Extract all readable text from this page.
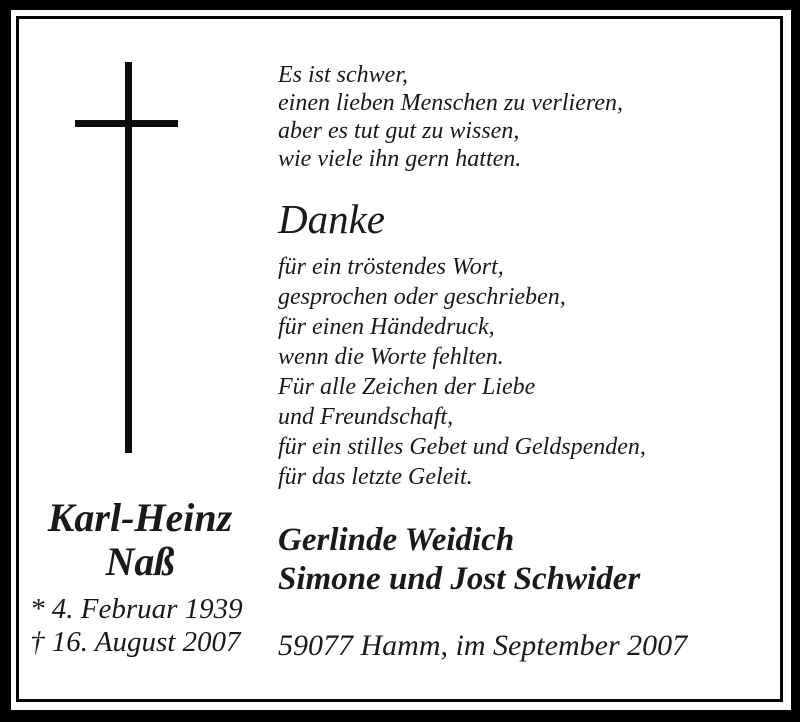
Es ist schwer,
einen lieben Menschen zu verlieren,
aber es tut gut zu wissen,
wie viele ihn gern hatten.
Danke
für ein tröstendes Wort,
gesprochen oder geschrieben,
für einen Händedruck,
wenn die Worte fehlten.
Für alle Zeichen der Liebe
und Freundschaft,
für ein stilles Gebet und Geldspenden,
für das letzte Geleit.
Karl-Heinz
Naß
* 4. Februar 1939
† 16. August 2007
Gerlinde Weidich
Simone und Jost Schwider
59077 Hamm, im September 2007
